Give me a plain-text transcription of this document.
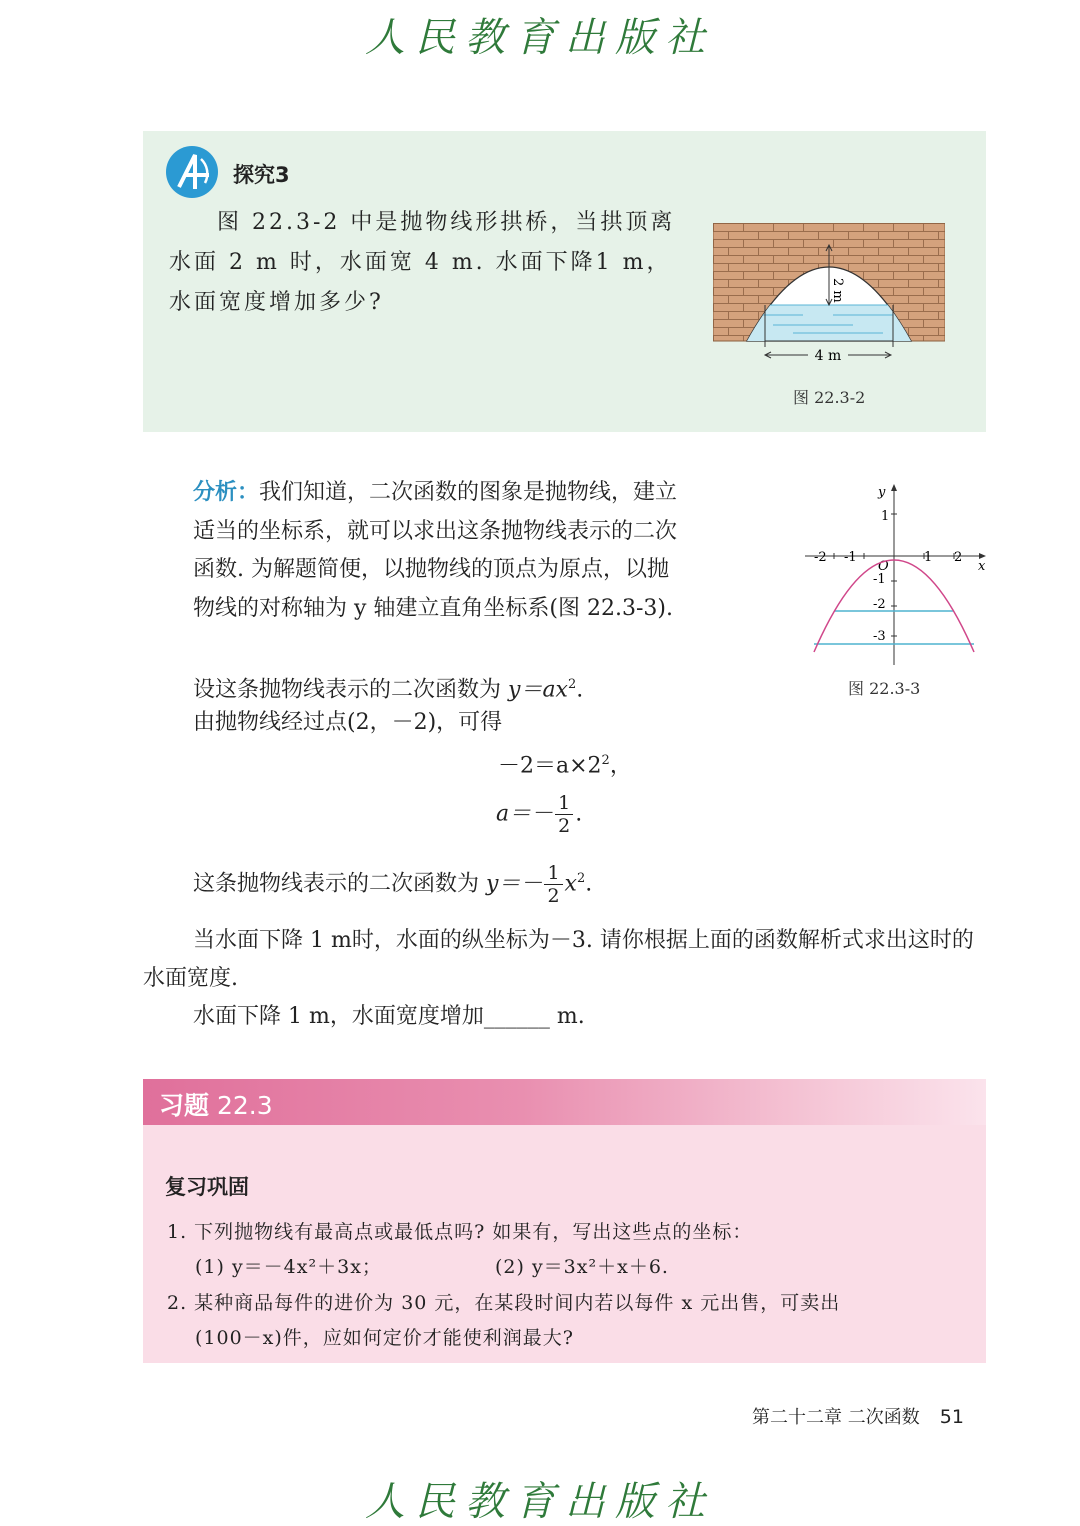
人民教育出版社
探究3
图 22.3-2 中是抛物线形拱桥，当拱顶离水面 2 m 时，水面宽 4 m. 水面下降1 m，水面宽度增加多少?	2 m
4 m
图 22.3-2
分析：我们知道，二次函数的图象是抛物线，建立适当的坐标系，就可以求出这条抛物线表示的二次函数. 为解题简便，以抛物线的顶点为原点，以抛物线的对称轴为 y 轴建立直角坐标系(图 22.3-3).
y
x
O
-2 -1	1 2
1
-1
-2
-3
图 22.3-3
设这条抛物线表示的二次函数为 $y=ax^2$.
由抛物线经过点(2，－2)，可得
$-2=a\times 2^2$，
$a=- \frac{1}{2}$ .
这条抛物线表示的二次函数为 $y=- \frac{1}{2} x^2$.
当水面下降 1 m时，水面的纵坐标为－3. 请你根据上面的函数解析式求出这时的水面宽度.
水面下降 1 m，水面宽度增加______ m.
习题 22.3
复习巩固
1. 下列抛物线有最高点或最低点吗? 如果有，写出这些点的坐标：
(1) y＝－4x²＋3x；	(2) y＝3x²＋x＋6.
2. 某种商品每件的进价为 30 元，在某段时间内若以每件 x 元出售，可卖出
(100－x)件，应如何定价才能使利润最大?
第二十二章 二次函数 51
人民教育出版社
